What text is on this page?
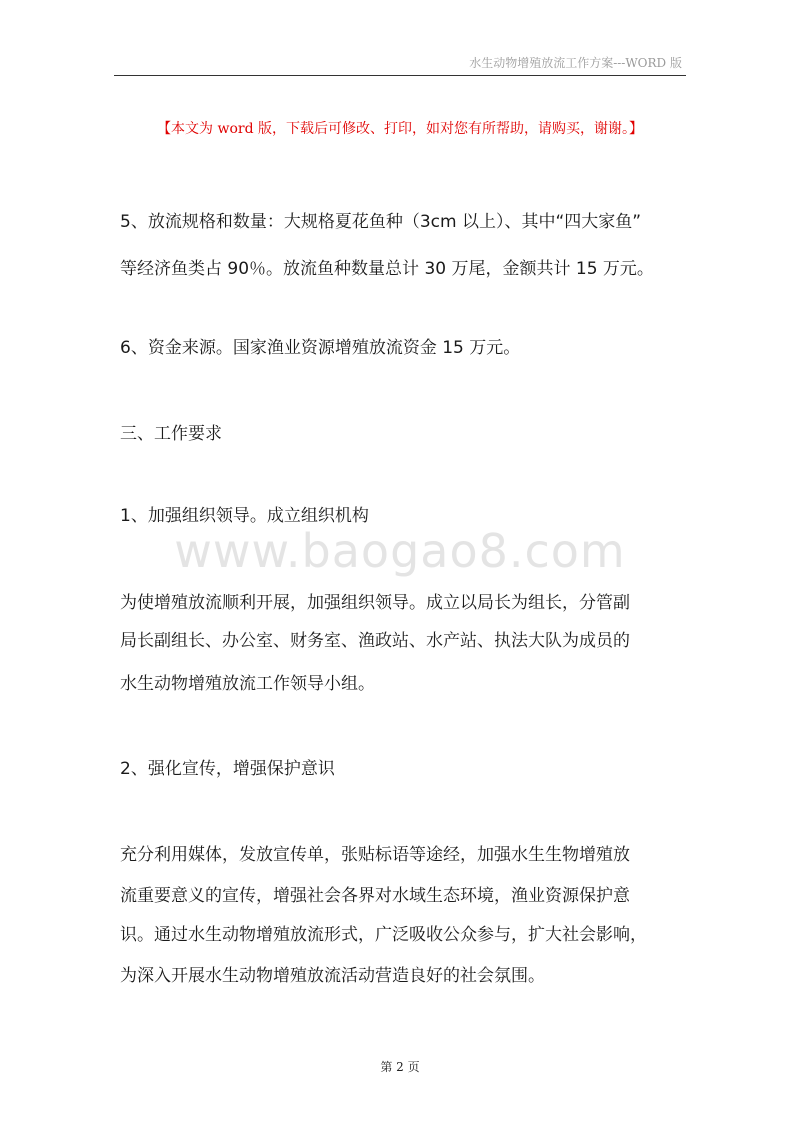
水生动物增殖放流工作方案---WORD 版
【本文为 word 版，下载后可修改、打印，如对您有所帮助，请购买，谢谢。】
5、放流规格和数量：大规格夏花鱼种（3cm 以上）、其中“四大家鱼”
等经济鱼类占 90％。放流鱼种数量总计 30 万尾，金额共计 15 万元。
6、资金来源。国家渔业资源增殖放流资金 15 万元。
三、工作要求
1、加强组织领导。成立组织机构
www.baogao8.com
为使增殖放流顺利开展，加强组织领导。成立以局长为组长，分管副
局长副组长、办公室、财务室、渔政站、水产站、执法大队为成员的
水生动物增殖放流工作领导小组。
2、强化宣传，增强保护意识
充分利用媒体，发放宣传单，张贴标语等途经，加强水生生物增殖放
流重要意义的宣传，增强社会各界对水域生态环境，渔业资源保护意
识。通过水生动物增殖放流形式，广泛吸收公众参与，扩大社会影响，
为深入开展水生动物增殖放流活动营造良好的社会氛围。
第 2 页
